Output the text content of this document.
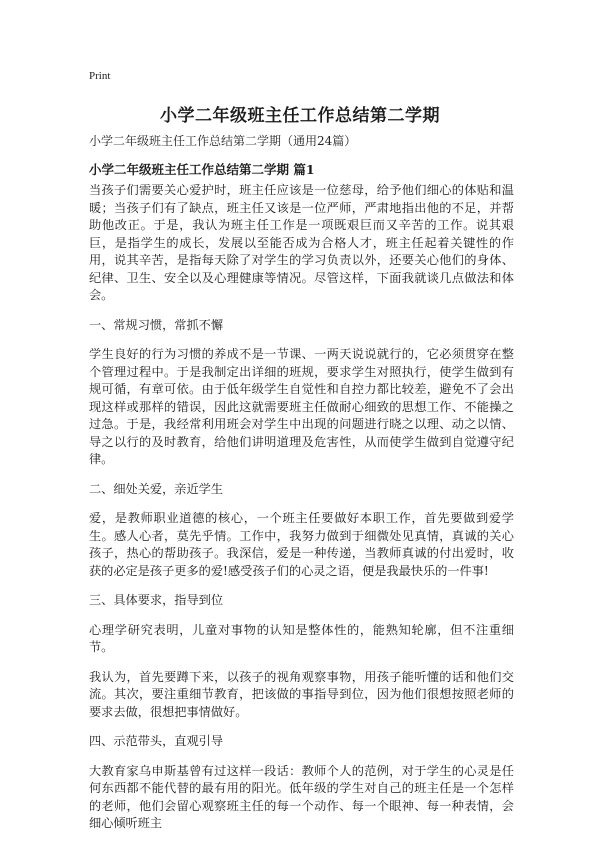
Print
小学二年级班主任工作总结第二学期
小学二年级班主任工作总结第二学期（通用24篇）
小学二年级班主任工作总结第二学期 篇1

当孩子们需要关心爱护时，班主任应该是一位慈母，给予他们细心的体贴和温暖；当孩子们有了缺点，班主任又该是一位严师，严肃地指出他的不足，并帮助他改正。于是，我认为班主任工作是一项既艰巨而又辛苦的工作。说其艰巨，是指学生的成长，发展以至能否成为合格人才，班主任起着关键性的作用，说其辛苦，是指每天除了对学生的学习负责以外，还要关心他们的身体、纪律、卫生、安全以及心理健康等情况。尽管这样，下面我就谈几点做法和体会。

一、常规习惯，常抓不懈

学生良好的行为习惯的养成不是一节课、一两天说说就行的，它必须贯穿在整个管理过程中。于是我制定出详细的班规，要求学生对照执行，使学生做到有规可循，有章可依。由于低年级学生自觉性和自控力都比较差，避免不了会出现这样或那样的错误，因此这就需要班主任做耐心细致的思想工作、不能操之过急。于是，我经常利用班会对学生中出现的问题进行晓之以理、动之以情、导之以行的及时教育，给他们讲明道理及危害性，从而使学生做到自觉遵守纪律。

二、细处关爱，亲近学生

爱，是教师职业道德的核心，一个班主任要做好本职工作，首先要做到爱学生。感人心者，莫先乎情。工作中，我努力做到于细微处见真情，真诚的关心孩子，热心的帮助孩子。我深信，爱是一种传递，当教师真诚的付出爱时，收获的必定是孩子更多的爱!感受孩子们的心灵之语，便是我最快乐的一件事!

三、具体要求，指导到位

心理学研究表明，儿童对事物的认知是整体性的，能熟知轮廓，但不注重细节。

我认为，首先要蹲下来，以孩子的视角观察事物，用孩子能听懂的话和他们交流。其次，要注重细节教育，把该做的事指导到位，因为他们很想按照老师的要求去做，很想把事情做好。

四、示范带头，直观引导

大教育家乌申斯基曾有过这样一段话：教师个人的范例，对于学生的心灵是任何东西都不能代替的最有用的阳光。低年级的学生对自己的班主任是一个怎样的老师，他们会留心观察班主任的每一个动作、每一个眼神、每一种表情，会细心倾听班主
